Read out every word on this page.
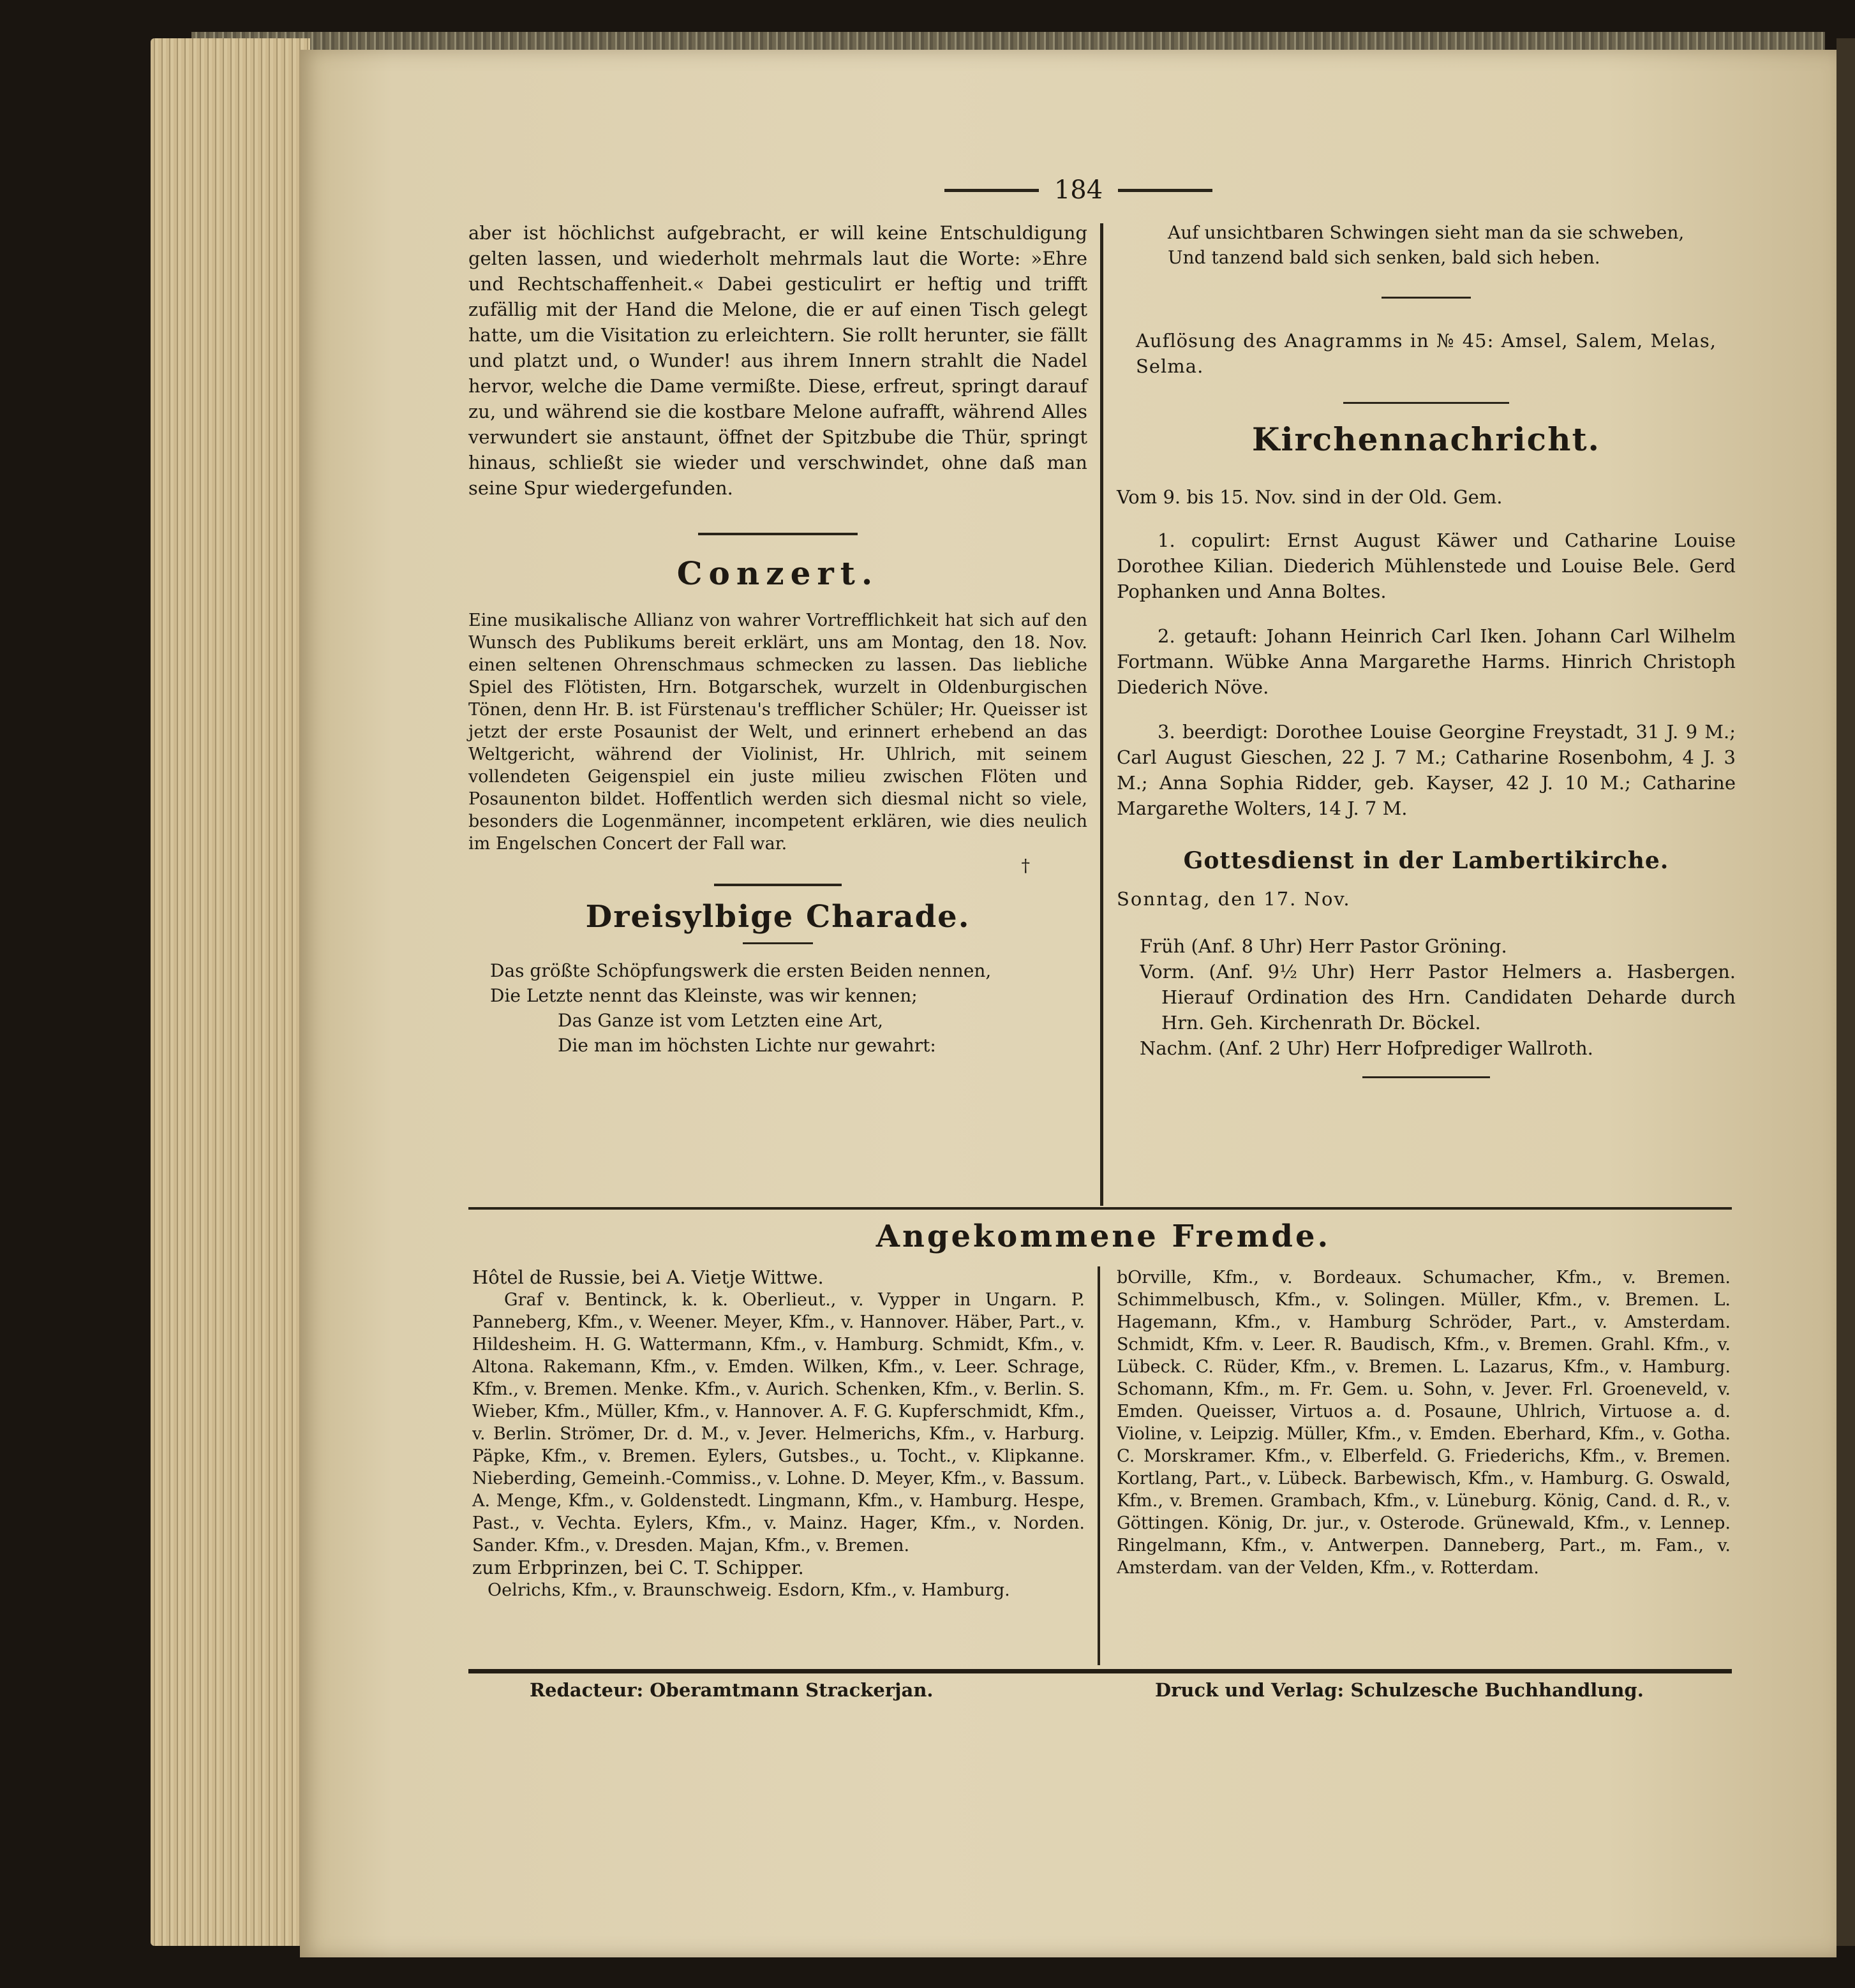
184

aber ist höchlichst aufgebracht, er will keine Entschuldigung gelten lassen, und wiederholt mehrmals laut die Worte: »Ehre und Rechtschaffenheit.« Dabei gesticulirt er heftig und trifft zufällig mit der Hand die Melone, die er auf einen Tisch gelegt hatte, um die Visitation zu erleichtern. Sie rollt herunter, sie fällt und platzt und, o Wunder! aus ihrem Innern strahlt die Nadel hervor, welche die Dame vermißte. Diese, erfreut, springt darauf zu, und während sie die kostbare Melone aufrafft, während Alles verwundert sie anstaunt, öffnet der Spitzbube die Thür, springt hinaus, schließt sie wieder und verschwindet, ohne daß man seine Spur wiedergefunden.

Conzert.

Eine musikalische Allianz von wahrer Vortrefflichkeit hat sich auf den Wunsch des Publikums bereit erklärt, uns am Montag, den 18. Nov. einen seltenen Ohrenschmaus schmecken zu lassen. Das liebliche Spiel des Flötisten, Hrn. Botgarschek, wurzelt in Oldenburgischen Tönen, denn Hr. B. ist Fürstenau's trefflicher Schüler; Hr. Queisser ist jetzt der erste Posaunist der Welt, und erinnert erhebend an das Weltgericht, während der Violinist, Hr. Uhlrich, mit seinem vollendeten Geigenspiel ein juste milieu zwischen Flöten und Posaunenton bildet. Hoffentlich werden sich diesmal nicht so viele, besonders die Logenmänner, incompetent erklären, wie dies neulich im Engelschen Concert der Fall war.

†
Dreisylbige Charade.
Das größte Schöpfungswerk die ersten Beiden nennen,
Die Letzte nennt das Kleinste, was wir kennen;
Das Ganze ist vom Letzten eine Art,
Die man im höchsten Lichte nur gewahrt:
Auf unsichtbaren Schwingen sieht man da sie schweben,
Und tanzend bald sich senken, bald sich heben.

Auflösung des Anagramms in № 45: Amsel, Salem, Melas, Selma.

Kirchennachricht.

Vom 9. bis 15. Nov. sind in der Old. Gem.

1. copulirt: Ernst August Käwer und Catharine Louise Dorothee Kilian. Diederich Mühlenstede und Louise Bele. Gerd Pophanken und Anna Boltes.

2. getauft: Johann Heinrich Carl Iken. Johann Carl Wilhelm Fortmann. Wübke Anna Margarethe Harms. Hinrich Christoph Diederich Növe.

3. beerdigt: Dorothee Louise Georgine Freystadt, 31 J. 9 M.; Carl August Gieschen, 22 J. 7 M.; Catharine Rosenbohm, 4 J. 3 M.; Anna Sophia Ridder, geb. Kayser, 42 J. 10 M.; Catharine Margarethe Wolters, 14 J. 7 M.

Gottesdienst in der Lambertikirche.

Sonntag, den 17. Nov.

Früh (Anf. 8 Uhr) Herr Pastor Gröning.

Vorm. (Anf. 9½ Uhr) Herr Pastor Helmers a. Hasbergen. Hierauf Ordination des Hrn. Candidaten Deharde durch Hrn. Geh. Kirchenrath Dr. Böckel.

Nachm. (Anf. 2 Uhr) Herr Hofprediger Wallroth.

Angekommene Fremde.

Hôtel de Russie, bei A. Vietje Wittwe.

Graf v. Bentinck, k. k. Oberlieut., v. Vypper in Ungarn. P. Panneberg, Kfm., v. Weener. Meyer, Kfm., v. Hannover. Häber, Part., v. Hildesheim. H. G. Wattermann, Kfm., v. Hamburg. Schmidt, Kfm., v. Altona. Rakemann, Kfm., v. Emden. Wilken, Kfm., v. Leer. Schrage, Kfm., v. Bremen. Menke. Kfm., v. Aurich. Schenken, Kfm., v. Berlin. S. Wieber, Kfm., Müller, Kfm., v. Hannover. A. F. G. Kupferschmidt, Kfm., v. Berlin. Strömer, Dr. d. M., v. Jever. Helmerichs, Kfm., v. Harburg. Päpke, Kfm., v. Bremen. Eylers, Gutsbes., u. Tocht., v. Klipkanne. Nieberding, Gemeinh.-Commiss., v. Lohne. D. Meyer, Kfm., v. Bassum. A. Menge, Kfm., v. Goldenstedt. Lingmann, Kfm., v. Hamburg. Hespe, Past., v. Vechta. Eylers, Kfm., v. Mainz. Hager, Kfm., v. Norden. Sander. Kfm., v. Dresden. Majan, Kfm., v. Bremen.

zum Erbprinzen, bei C. T. Schipper.

Oelrichs, Kfm., v. Braunschweig. Esdorn, Kfm., v. Hamburg.

bOrville, Kfm., v. Bordeaux. Schumacher, Kfm., v. Bremen. Schimmelbusch, Kfm., v. Solingen. Müller, Kfm., v. Bremen. L. Hagemann, Kfm., v. Hamburg Schröder, Part., v. Amsterdam. Schmidt, Kfm. v. Leer. R. Baudisch, Kfm., v. Bremen. Grahl. Kfm., v. Lübeck. C. Rüder, Kfm., v. Bremen. L. Lazarus, Kfm., v. Hamburg. Schomann, Kfm., m. Fr. Gem. u. Sohn, v. Jever. Frl. Groeneveld, v. Emden. Queisser, Virtuos a. d. Posaune, Uhlrich, Virtuose a. d. Violine, v. Leipzig. Müller, Kfm., v. Emden. Eberhard, Kfm., v. Gotha. C. Morskramer. Kfm., v. Elberfeld. G. Friederichs, Kfm., v. Bremen. Kortlang, Part., v. Lübeck. Barbewisch, Kfm., v. Hamburg. G. Oswald, Kfm., v. Bremen. Grambach, Kfm., v. Lüneburg. König, Cand. d. R., v. Göttingen. König, Dr. jur., v. Osterode. Grünewald, Kfm., v. Lennep. Ringelmann, Kfm., v. Antwerpen. Danneberg, Part., m. Fam., v. Amsterdam. van der Velden, Kfm., v. Rotterdam.

Redacteur: Oberamtmann Strackerjan.	Druck und Verlag: Schulzesche Buchhandlung.
